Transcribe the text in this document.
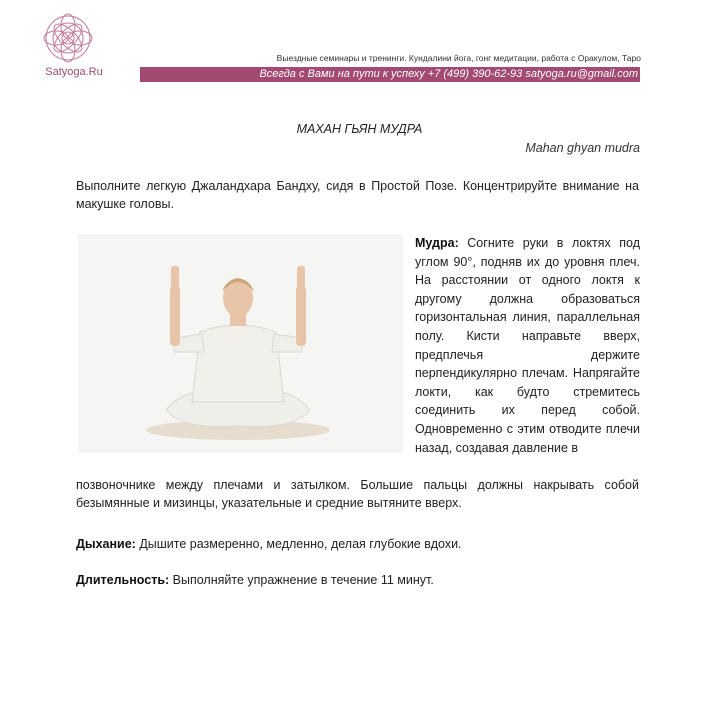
Satyoga.Ru
Выездные семинары и тренинги. Кундалини йога, гонг медитации, работа с Оракулом, Таро
Всегда с Вами на пути к успеху +7 (499) 390-62-93 satyoga.ru@gmail.com
МАХАН ГЬЯН МУДРА
Mahan ghyan mudra
Выполните легкую Джаландхара Бандху, сидя в Простой Позе. Концентрируйте внимание на макушке головы.
Мудра: Согните руки в локтях под углом 90°, подняв их до уровня плеч. На расстоянии от одного локтя к другому должна образоваться горизонтальная линия, параллельная полу. Кисти направьте вверх, предплечья держите перпендикулярно плечам. Напрягайте локти, как будто стремитесь соединить их перед собой. Одновременно с этим отводите плечи назад, создавая давление в
позвоночнике между плечами и затылком. Большие пальцы должны накрывать собой безымянные и мизинцы, указательные и средние вытяните вверх.
Дыхание: Дышите размеренно, медленно, делая глубокие вдохи.
Длительность: Выполняйте упражнение в течение 11 минут.
